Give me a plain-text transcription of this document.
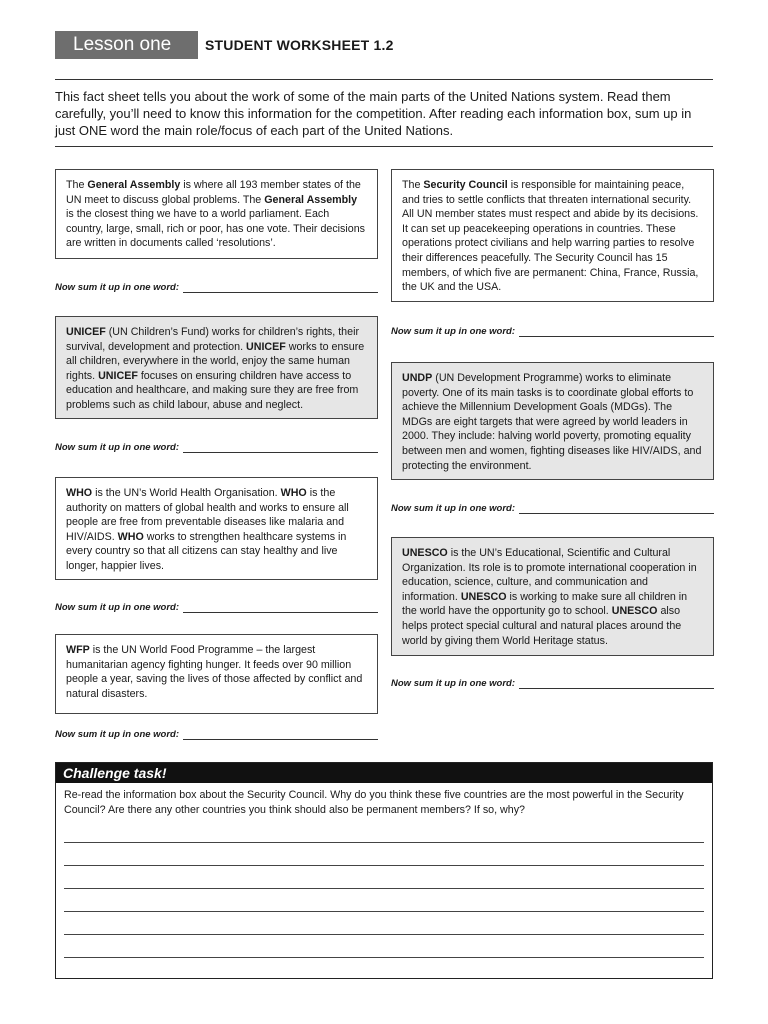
Lesson one	STUDENT WORKSHEET 1.2
This fact sheet tells you about the work of some of the main parts of the United Nations system. Read them carefully, you’ll need to know this information for the competition. After reading each information box, sum up in just ONE word the main role/focus of each part of the United Nations.

The General Assembly is where all 193 member states of the UN meet to discuss global problems. The General Assembly is the closest thing we have to a world parliament. Each country, large, small, rich or poor, has one vote. Their decisions are written in documents called ‘resolutions’.

Now sum it up in one word:

UNICEF (UN Children’s Fund) works for children’s rights, their survival, development and protection. UNICEF works to ensure all children, everywhere in the world, enjoy the same human rights. UNICEF focuses on ensuring children have access to education and healthcare, and making sure they are free from problems such as child labour, abuse and neglect.

Now sum it up in one word:

WHO is the UN’s World Health Organisation. WHO is the authority on matters of global health and works to ensure all people are free from preventable diseases like malaria and HIV/AIDS. WHO works to strengthen healthcare systems in every country so that all citizens can stay healthy and live longer, happier lives.

Now sum it up in one word:

WFP is the UN World Food Programme – the largest humanitarian agency fighting hunger. It feeds over 90 million people a year, saving the lives of those affected by conflict and natural disasters.

Now sum it up in one word:

The Security Council is responsible for maintaining peace, and tries to settle conflicts that threaten international security. All UN member states must respect and abide by its decisions. It can set up peacekeeping operations in countries. These operations protect civilians and help warring parties to resolve their differences peacefully. The Security Council has 15 members, of which five are permanent: China, France, Russia, the UK and the USA.

Now sum it up in one word:

UNDP (UN Development Programme) works to eliminate poverty. One of its main tasks is to coordinate global efforts to achieve the Millennium Development Goals (MDGs). The MDGs are eight targets that were agreed by world leaders in 2000. They include: halving world poverty, promoting equality between men and women, fighting diseases like HIV/AIDS, and protecting the environment.

Now sum it up in one word:

UNESCO is the UN’s Educational, Scientific and Cultural Organization. Its role is to promote international cooperation in education, science, culture, and communication and information. UNESCO is working to make sure all children in the world have the opportunity go to school. UNESCO also helps protect special cultural and natural places around the world by giving them World Heritage status.

Now sum it up in one word:
Challenge task!
Re-read the information box about the Security Council. Why do you think these five countries are the most powerful in the Security Council? Are there any other countries you think should also be permanent members? If so, why?
